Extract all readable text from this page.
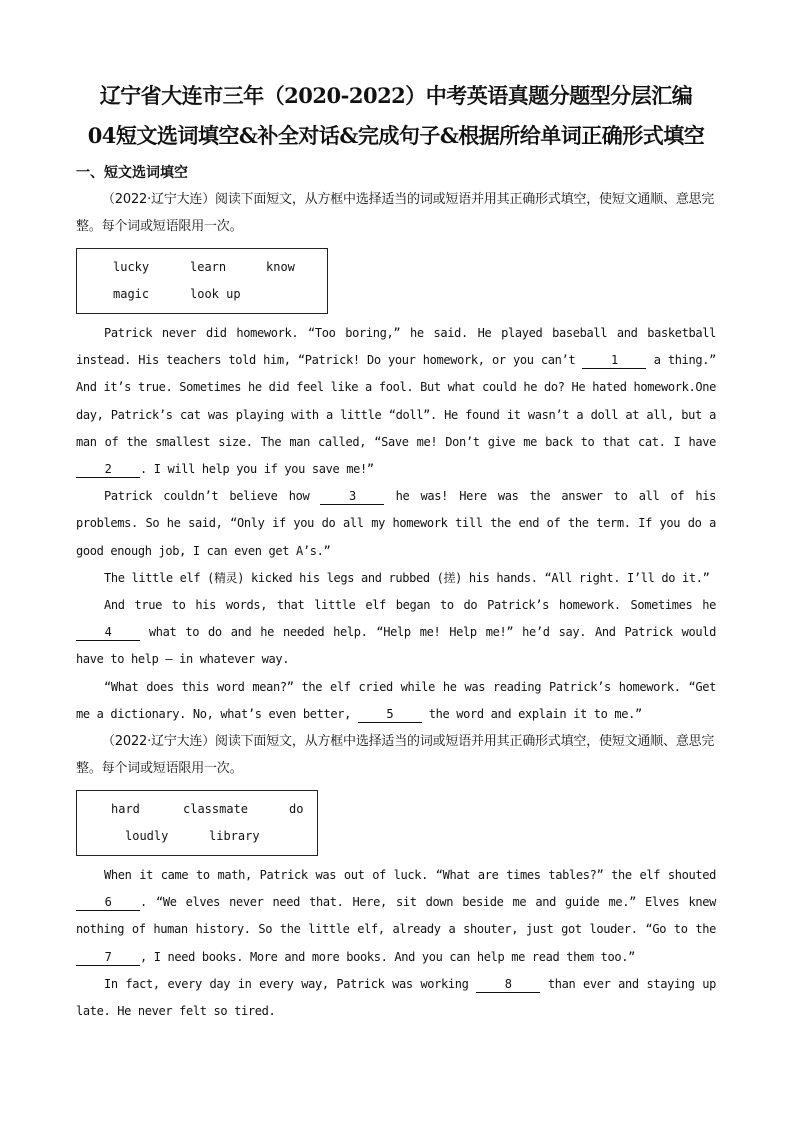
辽宁省大连市三年（2020-2022）中考英语真题分题型分层汇编
04短文选词填空&补全对话&完成句子&根据所给单词正确形式填空
一、短文选词填空

（2022·辽宁大连）阅读下面短文，从方框中选择适当的词或短语并用其正确形式填空，使短文通顺、意思完整。每个词或短语限用一次。

lucky	learn	know
magic	look up

Patrick never did homework. “Too boring,” he said. He played baseball and basketball instead. His teachers told him, “Patrick! Do your homework, or you can’t 1 a thing.” And it’s true. Sometimes he did feel like a fool. But what could he do? He hated homework.One day, Patrick’s cat was playing with a little “doll”. He found it wasn’t a doll at all, but a man of the smallest size. The man called, “Save me! Don’t give me back to that cat. I have 2 . I will help you if you save me!”

Patrick couldn’t believe how 3 he was! Here was the answer to all of his problems. So he said, “Only if you do all my homework till the end of the term. If you do a good enough job, I can even get A’s.”

The little elf (精灵) kicked his legs and rubbed (搓) his hands. “All right. I’ll do it.”

And true to his words, that little elf began to do Patrick’s homework. Sometimes he 4 what to do and he needed help. “Help me! Help me!” he’d say. And Patrick would have to help — in whatever way.

“What does this word mean?” the elf cried while he was reading Patrick’s homework. “Get me a dictionary. No, what’s even better, 5 the word and explain it to me.”

（2022·辽宁大连）阅读下面短文，从方框中选择适当的词或短语并用其正确形式填空，使短文通顺、意思完整。每个词或短语限用一次。

hard	classmate	do
loudly	library

When it came to math, Patrick was out of luck. “What are times tables?” the elf shouted 6 . “We elves never need that. Here, sit down beside me and guide me.” Elves knew nothing of human history. So the little elf, already a shouter, just got louder. “Go to the 7 , I need books. More and more books. And you can help me read them too.”

In fact, every day in every way, Patrick was working 8 than ever and staying up late. He never felt so tired.
